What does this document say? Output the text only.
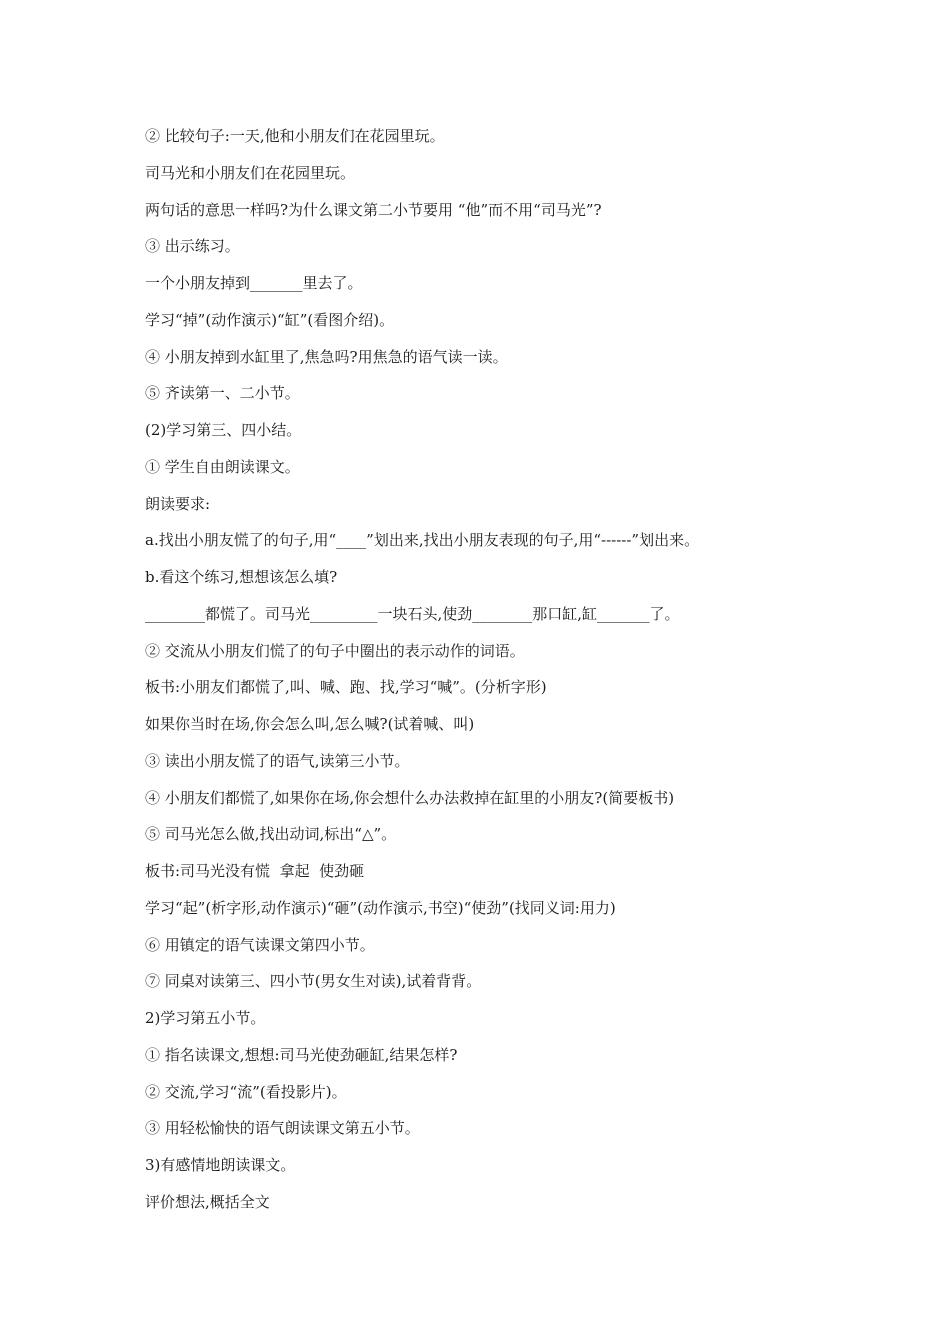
② 比较句子:一天,他和小朋友们在花园里玩。

司马光和小朋友们在花园里玩。

两句话的意思一样吗?为什么课文第二小节要用 “他”而不用“司马光”?

③ 出示练习。

一个小朋友掉到_______里去了。

学习“掉”(动作演示)“缸”(看图介绍)。

④ 小朋友掉到水缸里了,焦急吗?用焦急的语气读一读。

⑤ 齐读第一、二小节。

(2)学习第三、四小结。

① 学生自由朗读课文。

朗读要求:

a.找出小朋友慌了的句子,用“____”划出来,找出小朋友表现的句子,用“------”划出来。

b.看这个练习,想想该怎么填?

________都慌了。司马光_________一块石头,使劲________那口缸,缸_______了。

② 交流从小朋友们慌了的句子中圈出的表示动作的词语。

板书:小朋友们都慌了,叫、喊、跑、找,学习“喊”。(分析字形)

如果你当时在场,你会怎么叫,怎么喊?(试着喊、叫)

③ 读出小朋友慌了的语气,读第三小节。

④ 小朋友们都慌了,如果你在场,你会想什么办法救掉在缸里的小朋友?(简要板书)

⑤ 司马光怎么做,找出动词,标出“△”。

板书:司马光没有慌  拿起  使劲砸

学习“起”(析字形,动作演示)“砸”(动作演示,书空)“使劲”(找同义词:用力)

⑥ 用镇定的语气读课文第四小节。

⑦ 同桌对读第三、四小节(男女生对读),试着背背。

2)学习第五小节。

① 指名读课文,想想:司马光使劲砸缸,结果怎样?

② 交流,学习“流”(看投影片)。

③ 用轻松愉快的语气朗读课文第五小节。

3)有感情地朗读课文。

评价想法,概括全文
